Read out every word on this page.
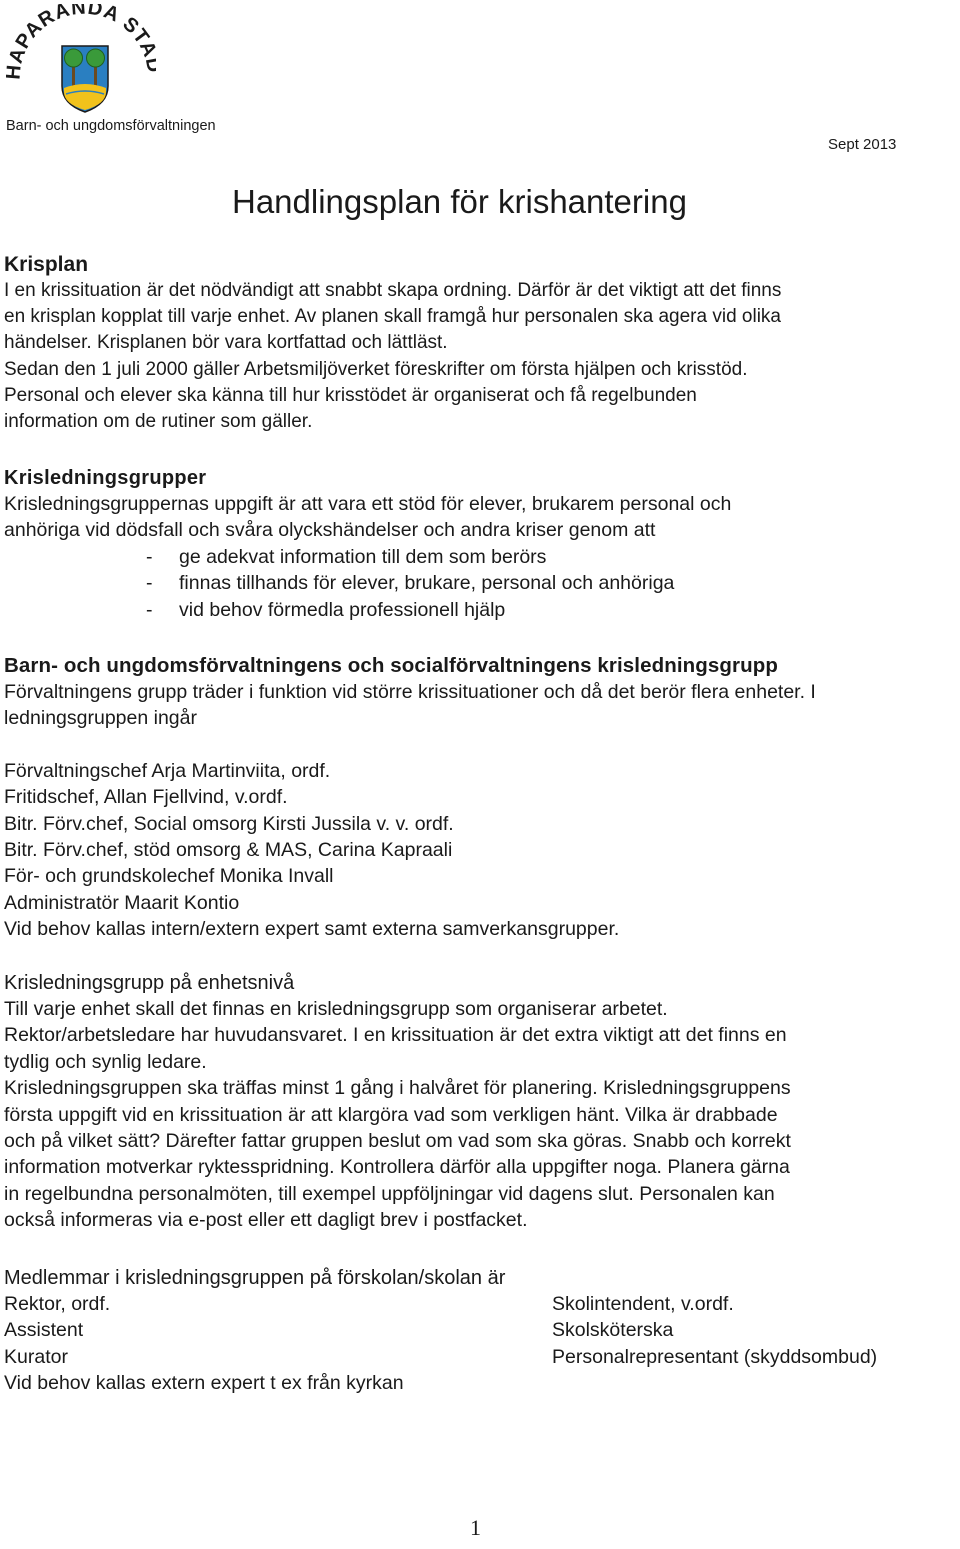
APARANDA ST
Barn- och ungdomsförvaltningen
Sept 2013
Handlingsplan för krishantering
Krisplan

I en krissituation är det nödvändigt att snabbt skapa ordning. Därför är det viktigt att det finns

en krisplan kopplat till varje enhet. Av planen skall framgå hur personalen ska agera vid olika

händelser. Krisplanen bör vara kortfattad och lättläst.

Sedan den 1 juli 2000 gäller Arbetsmiljöverket föreskrifter om första hjälpen och krisstöd.

Personal och elever ska känna till hur krisstödet är organiserat och få regelbunden

information om de rutiner som gäller.

Krisledningsgrupper

Krisledningsgruppernas uppgift är att vara ett stöd för elever, brukarem personal och

anhöriga vid dödsfall och svåra olyckshändelser och andra kriser genom att

- ge adekvat information till dem som berörs
- finnas tillhands för elever, brukare, personal och anhöriga
- vid behov förmedla professionell hjälp
Barn- och ungdomsförvaltningens och socialförvaltningens krisledningsgrupp

Förvaltningens grupp träder i funktion vid större krissituationer och då det berör flera enheter. I

ledningsgruppen ingår

Förvaltningschef Arja Martinviita, ordf.

Fritidschef, Allan Fjellvind, v.ordf.

Bitr. Förv.chef, Social omsorg Kirsti Jussila v. v. ordf.

Bitr. Förv.chef, stöd omsorg & MAS, Carina Kapraali

För- och grundskolechef Monika Invall

Administratör Maarit Kontio

Vid behov kallas intern/extern expert samt externa samverkansgrupper.

Krisledningsgrupp på enhetsnivå

Till varje enhet skall det finnas en krisledningsgrupp som organiserar arbetet.

Rektor/arbetsledare har huvudansvaret. I en krissituation är det extra viktigt att det finns en

tydlig och synlig ledare.

Krisledningsgruppen ska träffas minst 1 gång i halvåret för planering. Krisledningsgruppens

första uppgift vid en krissituation är att klargöra vad som verkligen hänt. Vilka är drabbade

och på vilket sätt? Därefter fattar gruppen beslut om vad som ska göras. Snabb och korrekt

information motverkar ryktesspridning. Kontrollera därför alla uppgifter noga. Planera gärna

in regelbundna personalmöten, till exempel uppföljningar vid dagens slut. Personalen kan

också informeras via e-post eller ett dagligt brev i postfacket.

Medlemmar i krisledningsgruppen på förskolan/skolan är

Rektor, ordf.	Skolintendent, v.ordf.

Assistent	Skolsköterska

Kurator	Personalrepresentant (skyddsombud)

Vid behov kallas extern expert t ex från kyrkan

1
